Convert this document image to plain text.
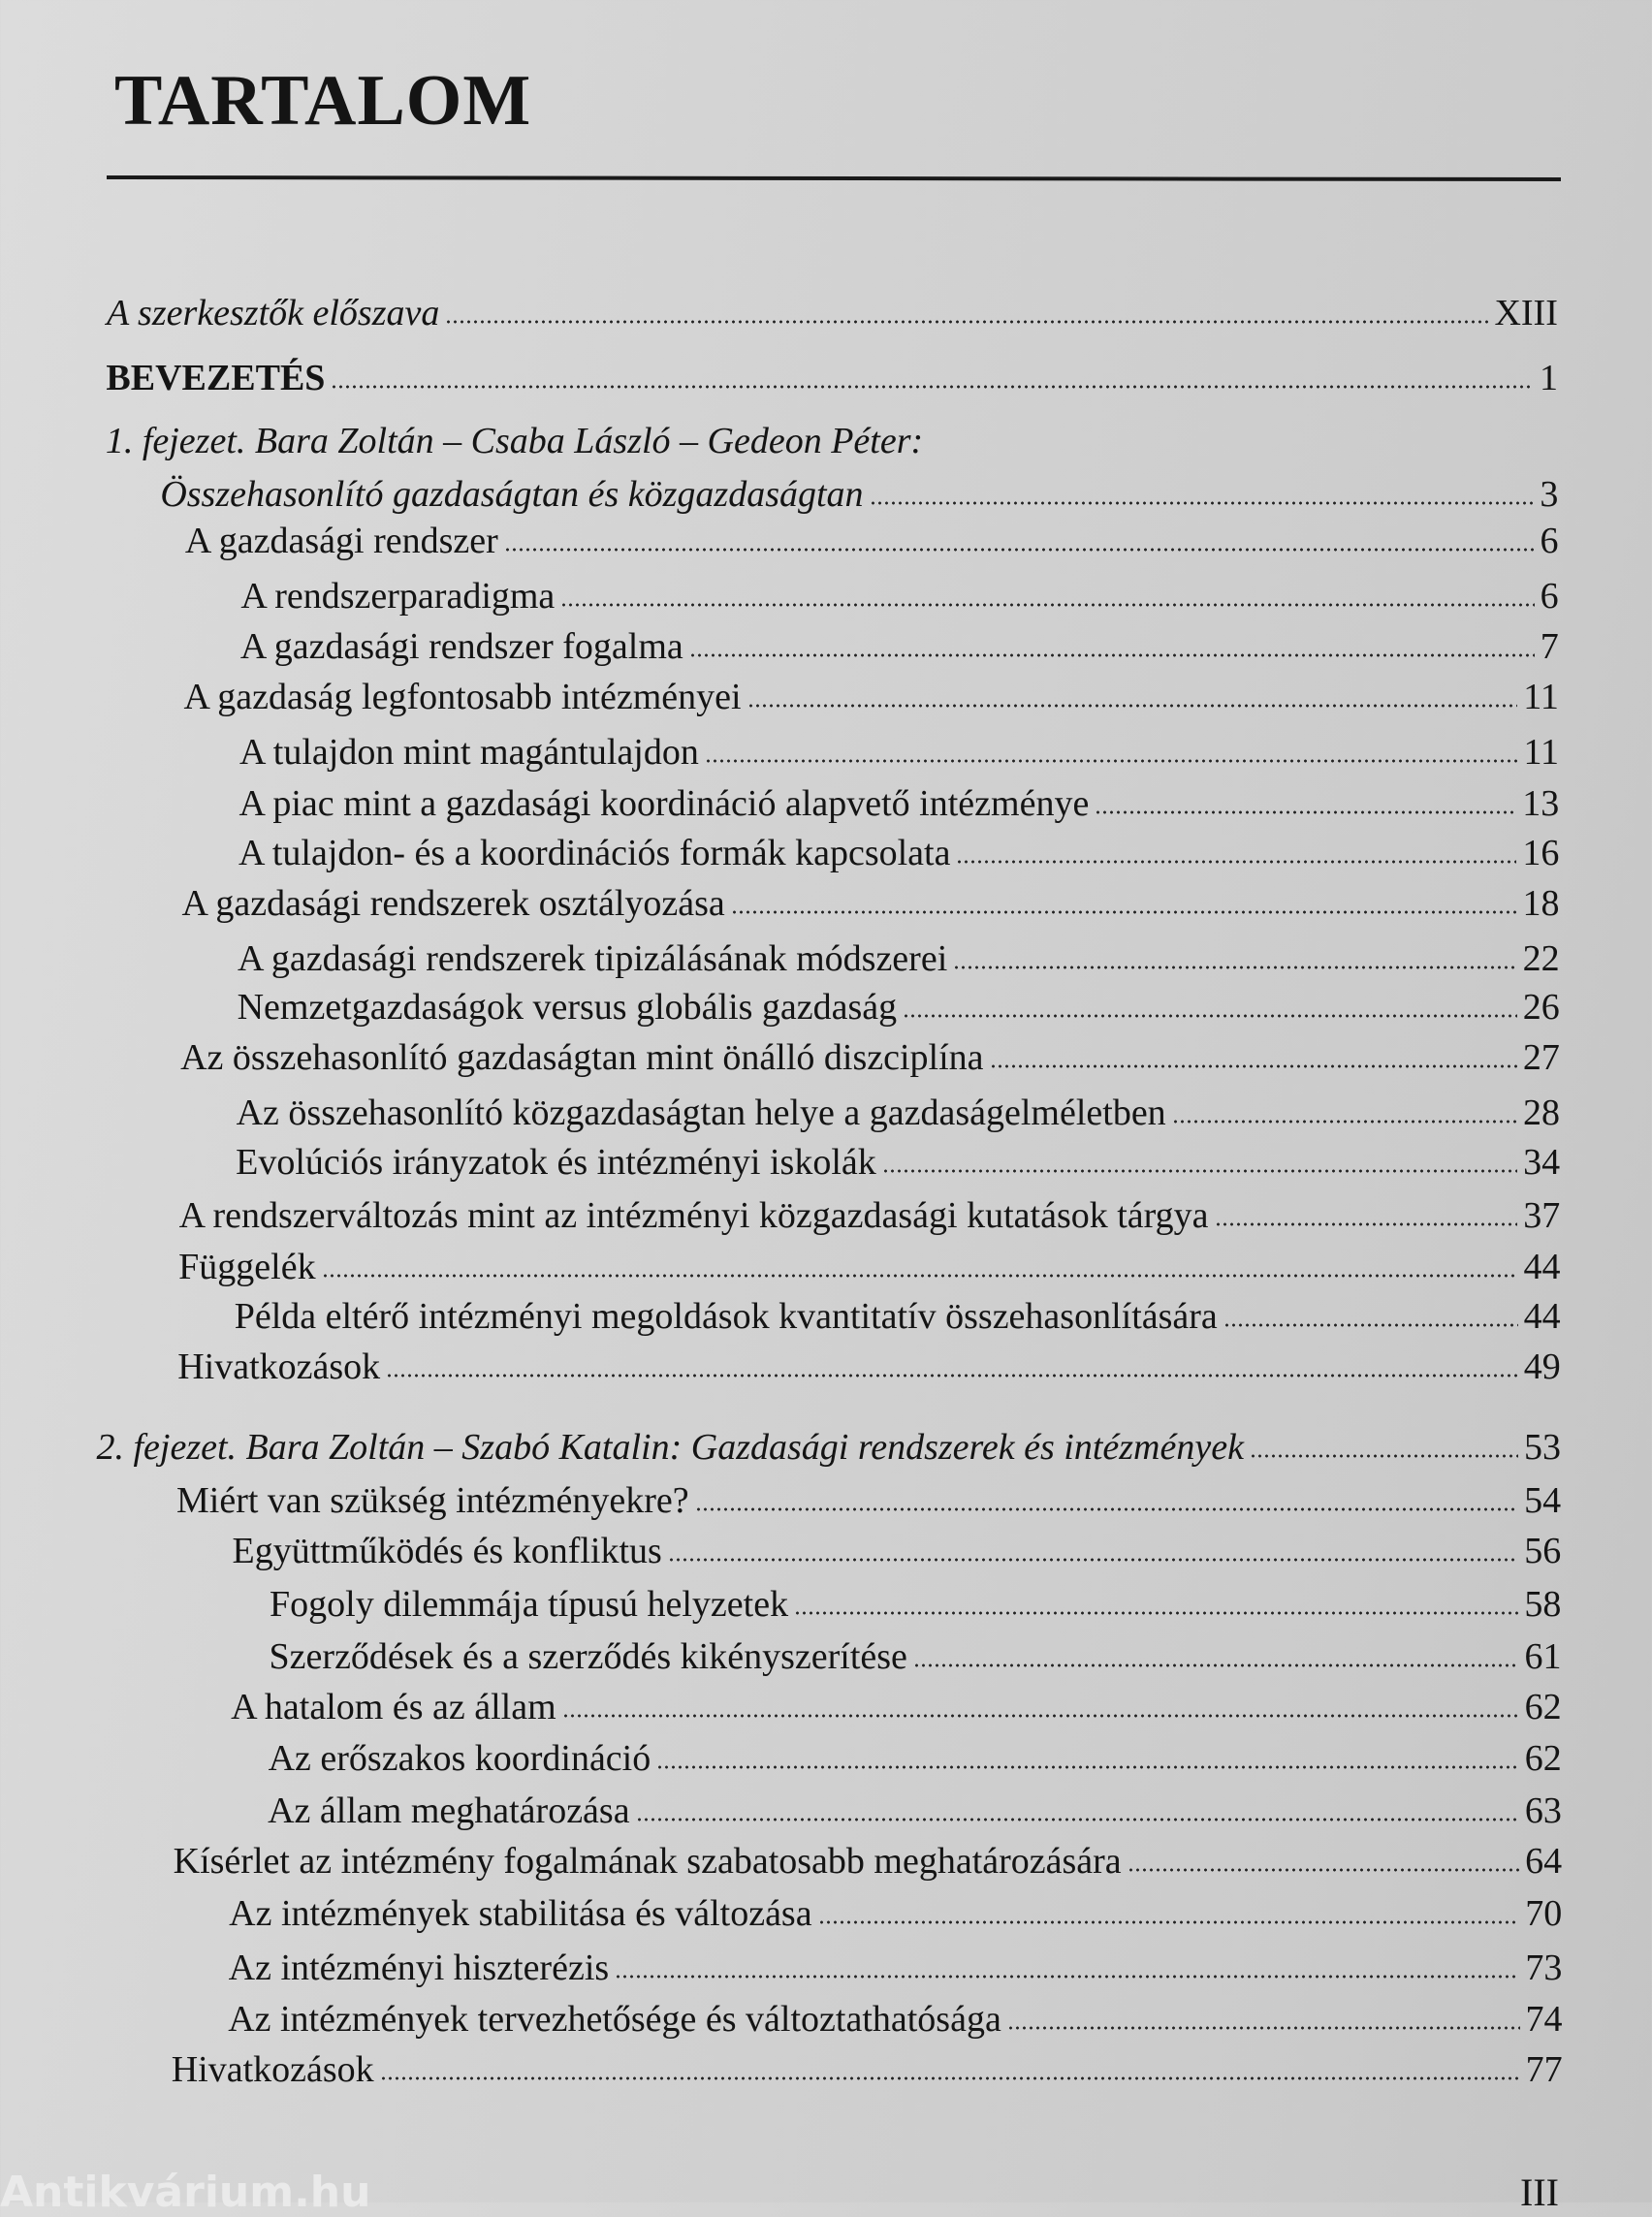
TARTALOM
A szerkesztők előszava	XIII
BEVEZETÉS	1
1. fejezet. Bara Zoltán – Csaba László – Gedeon Péter:
Összehasonlító gazdaságtan és közgazdaságtan	3
A gazdasági rendszer	6
A rendszerparadigma	6
A gazdasági rendszer fogalma	7
A gazdaság legfontosabb intézményei	11
A tulajdon mint magántulajdon	11
A piac mint a gazdasági koordináció alapvető intézménye	13
A tulajdon- és a koordinációs formák kapcsolata	16
A gazdasági rendszerek osztályozása	18
A gazdasági rendszerek tipizálásának módszerei	22
Nemzetgazdaságok versus globális gazdaság	26
Az összehasonlító gazdaságtan mint önálló diszciplína	27
Az összehasonlító közgazdaságtan helye a gazdaságelméletben	28
Evolúciós irányzatok és intézményi iskolák	34
A rendszerváltozás mint az intézményi közgazdasági kutatások tárgya	37
Függelék	44
Példa eltérő intézményi megoldások kvantitatív összehasonlítására	44
Hivatkozások	49
2. fejezet. Bara Zoltán – Szabó Katalin: Gazdasági rendszerek és intézmények	53
Miért van szükség intézményekre?	54
Együttműködés és konfliktus	56
Fogoly dilemmája típusú helyzetek	58
Szerződések és a szerződés kikényszerítése	61
A hatalom és az állam	62
Az erőszakos koordináció	62
Az állam meghatározása	63
Kísérlet az intézmény fogalmának szabatosabb meghatározására	64
Az intézmények stabilitása és változása	70
Az intézményi hiszterézis	73
Az intézmények tervezhetősége és változtathatósága	74
Hivatkozások	77
III
Antikvárium.hu
